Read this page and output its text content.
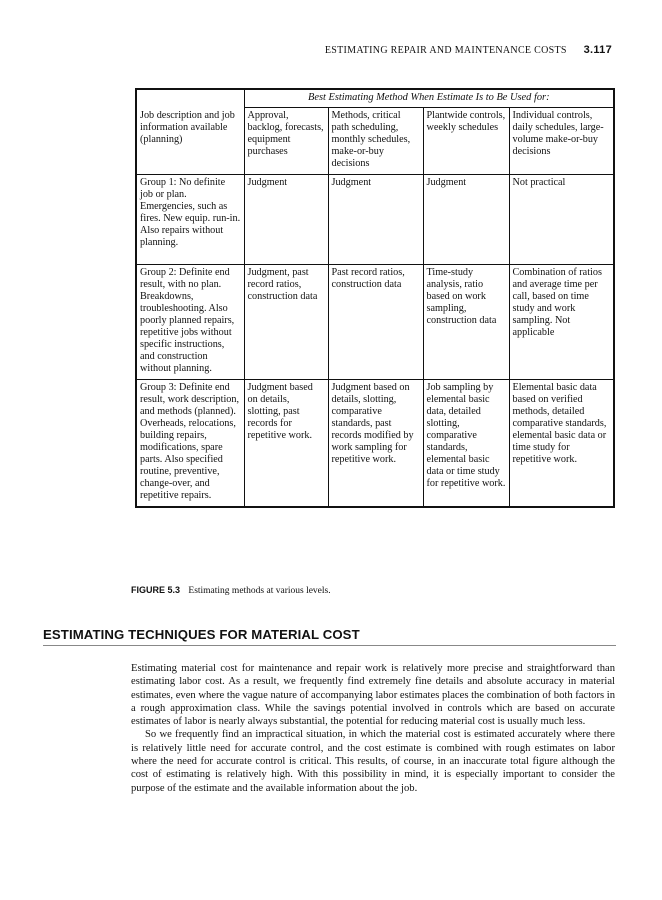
ESTIMATING REPAIR AND MAINTENANCE COSTS 3.117
	Best Estimating Method When Estimate Is to Be Used for:			
Job description and job information available (planning)	Approval, backlog, forecasts, equipment purchases	Methods, critical path scheduling, monthly schedules, make-or-buy decisions	Plantwide controls, weekly schedules	Individual controls, daily schedules, large-volume make-or-buy decisions
Group 1: No definite job or plan. Emergencies, such as fires. New equip. run-in. Also repairs without planning.	Judgment	Judgment	Judgment	Not practical
Group 2: Definite end result, with no plan. Breakdowns, troubleshooting. Also poorly planned repairs, repetitive jobs without specific instructions, and construction without planning.	Judgment, past record ratios, construction data	Past record ratios, construction data	Time-study analysis, ratio based on work sampling, construction data	Combination of ratios and average time per call, based on time study and work sampling. Not applicable
Group 3: Definite end result, work description, and methods (planned). Overheads, relocations, building repairs, modifications, spare parts. Also specified routine, preventive, change-over, and repetitive repairs.	Judgment based on details, slotting, past records for repetitive work.	Judgment based on details, slotting, comparative standards, past records modified by work sampling for repetitive work.	Job sampling by elemental basic data, detailed slotting, comparative standards, elemental basic data or time study for repetitive work.	Elemental basic data based on verified methods, detailed comparative standards, elemental basic data or time study for repetitive work.
FIGURE 5.3 Estimating methods at various levels.
ESTIMATING TECHNIQUES FOR MATERIAL COST

Estimating material cost for maintenance and repair work is relatively more precise and straightforward than estimating labor cost. As a result, we frequently find extremely fine details and absolute accuracy in material estimates, even where the vague nature of accompanying labor estimates places the combination of both factors in a rough approximation class. While the savings potential involved in controls which are based on accurate estimates of labor is nearly always substantial, the potential for reducing material cost is usually much less.

So we frequently find an impractical situation, in which the material cost is estimated accurately where there is relatively little need for accurate control, and the cost estimate is combined with rough estimates on labor where the need for accurate control is critical. This results, of course, in an inaccurate total figure although the cost of estimating is relatively high. With this possibility in mind, it is especially important to consider the purpose of the estimate and the available information about the job.
